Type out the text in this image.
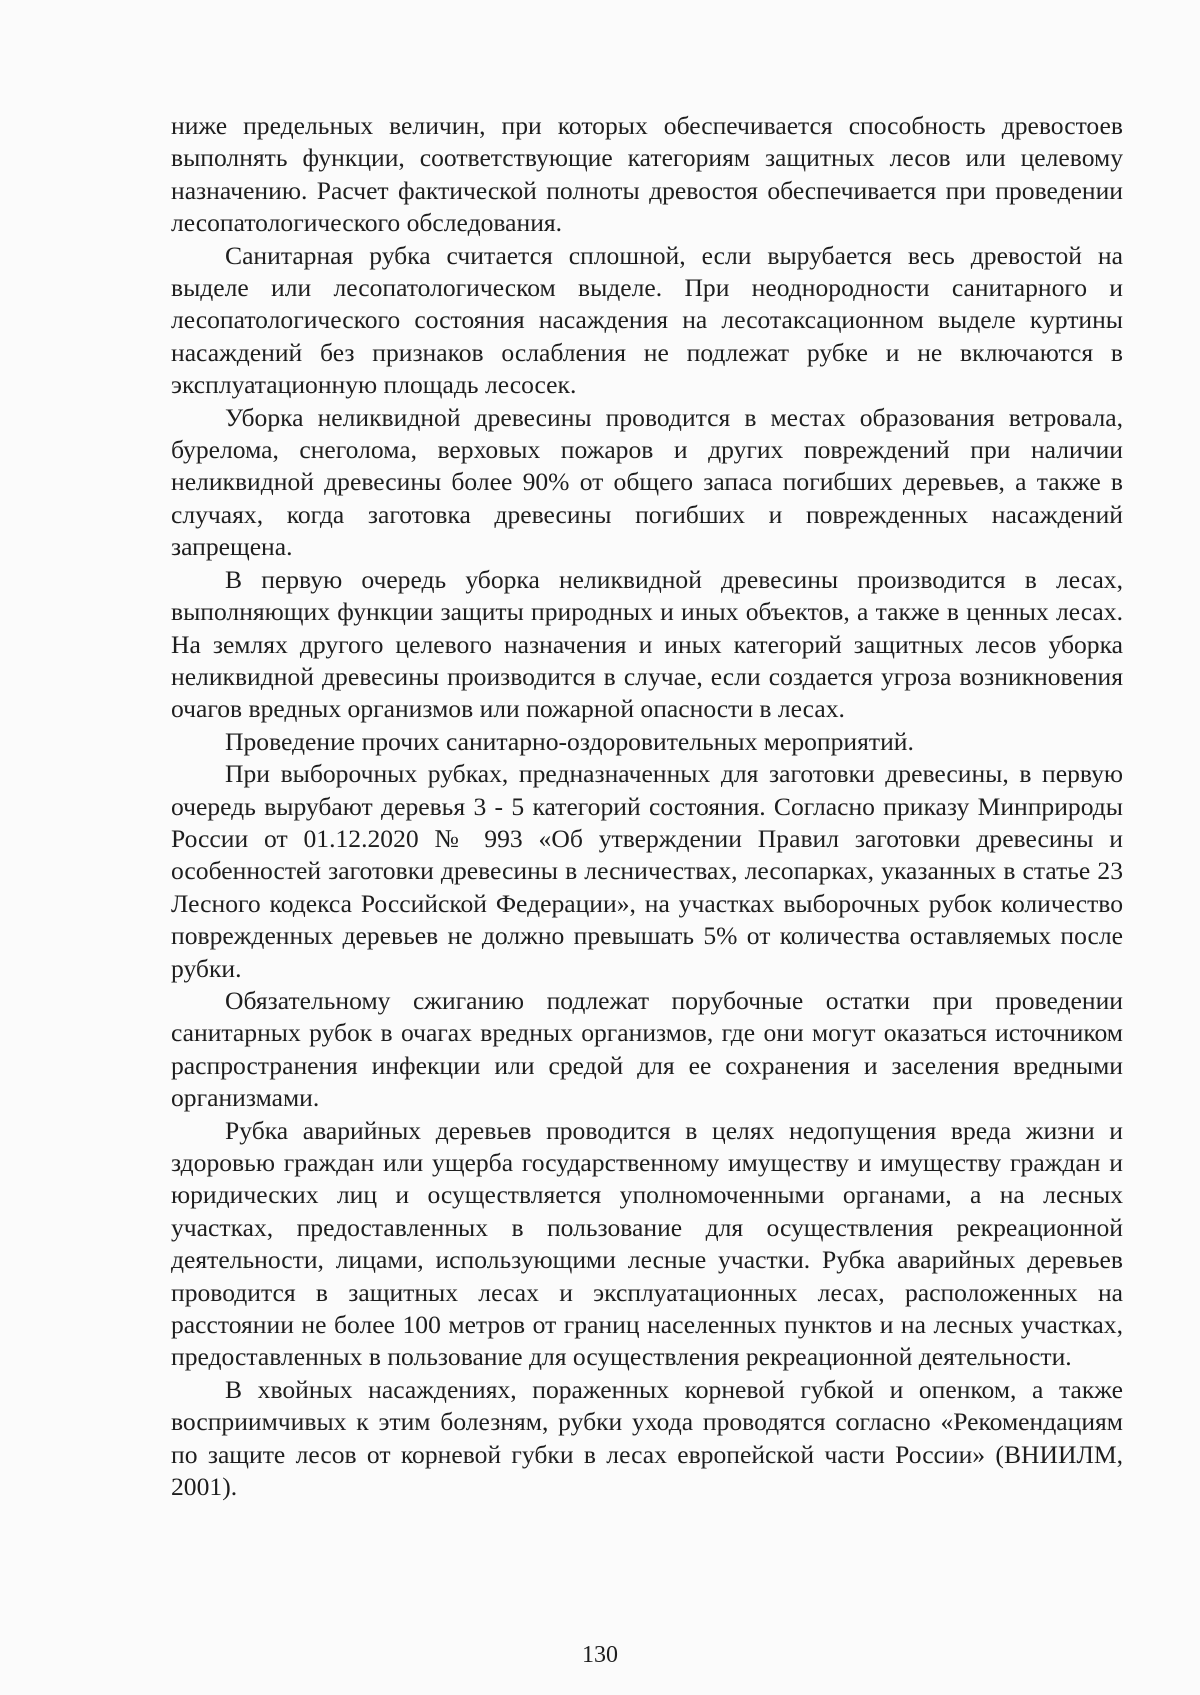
ниже предельных величин, при которых обеспечивается способность древостоев выполнять функции, соответствующие категориям защитных лесов или целевому назначению. Расчет фактической полноты древостоя обеспечивается при проведении лесопатологического обследования.

Санитарная рубка считается сплошной, если вырубается весь древостой на выделе или лесопатологическом выделе. При неоднородности санитарного и лесопатологического состояния насаждения на лесотаксационном выделе куртины насаждений без признаков ослабления не подлежат рубке и не включаются в эксплуатационную площадь лесосек.

Уборка неликвидной древесины проводится в местах образования ветровала, бурелома, снеголома, верховых пожаров и других повреждений при наличии неликвидной древесины более 90% от общего запаса погибших деревьев, а также в случаях, когда заготовка древесины погибших и поврежденных насаждений запрещена.

В первую очередь уборка неликвидной древесины производится в лесах, выполняющих функции защиты природных и иных объектов, а также в ценных лесах. На землях другого целевого назначения и иных категорий защитных лесов уборка неликвидной древесины производится в случае, если создается угроза возникновения очагов вредных организмов или пожарной опасности в лесах.

Проведение прочих санитарно-оздоровительных мероприятий.

При выборочных рубках, предназначенных для заготовки древесины, в первую очередь вырубают деревья 3 - 5 категорий состояния. Согласно приказу Минприроды России от 01.12.2020 № 993 «Об утверждении Правил заготовки древесины и особенностей заготовки древесины в лесничествах, лесопарках, указанных в статье 23 Лесного кодекса Российской Федерации», на участках выборочных рубок количество поврежденных деревьев не должно превышать 5% от количества оставляемых после рубки.

Обязательному сжиганию подлежат порубочные остатки при проведении санитарных рубок в очагах вредных организмов, где они могут оказаться источником распространения инфекции или средой для ее сохранения и заселения вредными организмами.

Рубка аварийных деревьев проводится в целях недопущения вреда жизни и здоровью граждан или ущерба государственному имуществу и имуществу граждан и юридических лиц и осуществляется уполномоченными органами, а на лесных участках, предоставленных в пользование для осуществления рекреационной деятельности, лицами, использующими лесные участки. Рубка аварийных деревьев проводится в защитных лесах и эксплуатационных лесах, расположенных на расстоянии не более 100 метров от границ населенных пунктов и на лесных участках, предоставленных в пользование для осуществления рекреационной деятельности.

В хвойных насаждениях, пораженных корневой губкой и опенком, а также восприимчивых к этим болезням, рубки ухода проводятся согласно «Рекомендациям по защите лесов от корневой губки в лесах европейской части России» (ВНИИЛМ, 2001).

130
